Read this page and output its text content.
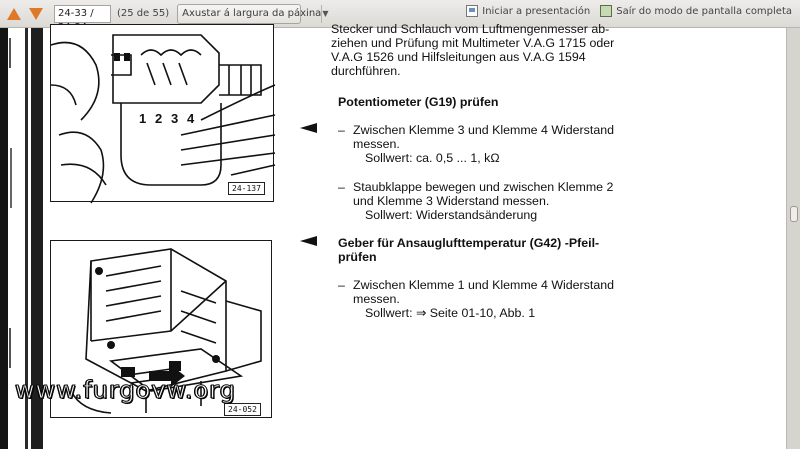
24-33 /	(25 de 55)	Axustar á largura da páxina ▼	Iniciar a presentación	Saír do modo de pantalla completa
1 2 3 4
24-137
24-052
Stecker und Schlauch vom Luftmengenmesser ab-
ziehen und Prüfung mit Multimeter V.A.G 1715 oder
V.A.G 1526 und Hilfsleitungen aus V.A.G 1594
durchführen.
Potentiometer (G19) prüfen
– Zwischen Klemme 3 und Klemme 4 Widerstand
messen.
Sollwert: ca. 0,5 ... 1, kΩ
– Staubklappe bewegen und zwischen Klemme 2
und Klemme 3 Widerstand messen.
Sollwert: Widerstandsänderung
Geber für Ansauglufttemperatur (G42) -Pfeil-
prüfen
– Zwischen Klemme 1 und Klemme 4 Widerstand
messen.
Sollwert: ⇒ Seite 01-10, Abb. 1
www.furgovw.org
